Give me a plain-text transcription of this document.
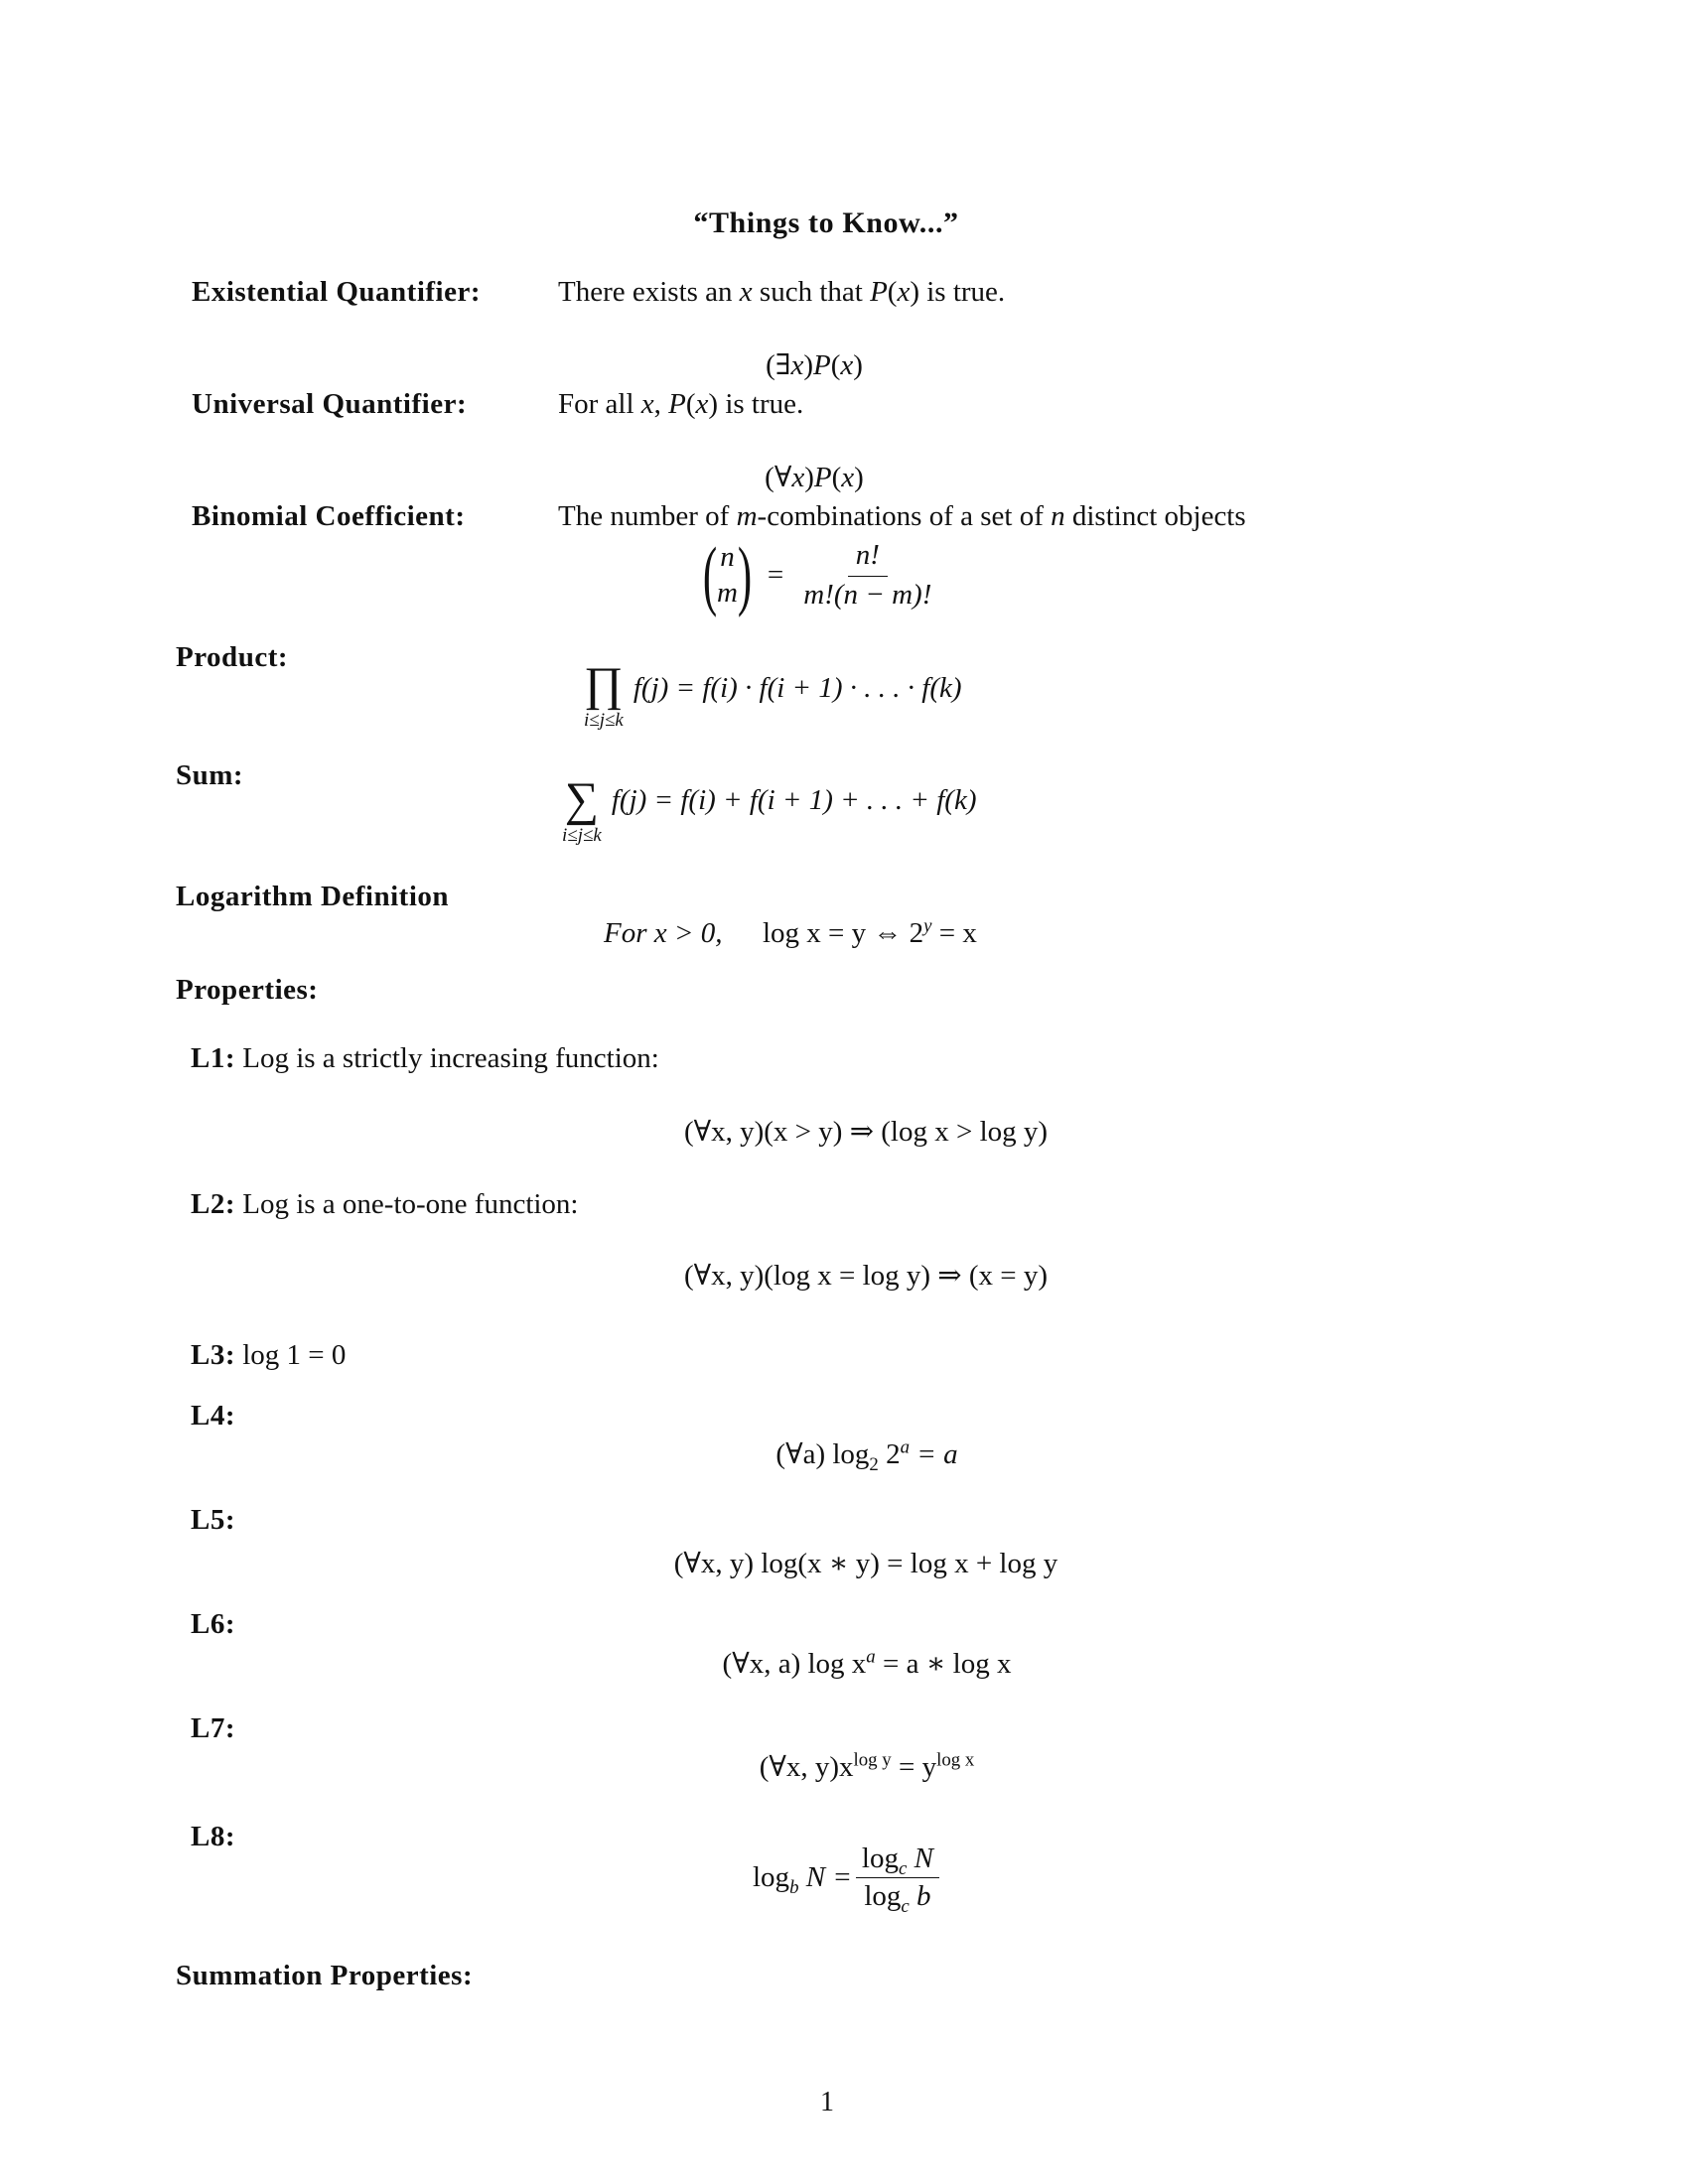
“Things to Know...”
Existential Quantifier:	There exists an x such that P(x) is true.
(∃x)P(x)
Universal Quantifier:	For all x, P(x) is true.
(∀x)P(x)
Binomial Coefficient:	The number of m-combinations of a set of n distinct objects
( n
m ) = $\frac{n!}{m!(n - m)!}$
Product:
∏
i≤j≤k
f(j) = f(i) · f(i + 1) · . . . · f(k)
Sum:	∑
i≤j≤k
f(j) = f(i) + f(i + 1) + . . . + f(k)
Logarithm Definition
For x > 0, log x = y ⇔ $2^y = x$
Properties:
L1: Log is a strictly increasing function:
(∀x, y)(x > y) ⇒ (log x > log y)
L2: Log is a one-to-one function:
(∀x, y)(log x = log y) ⇒ (x = y)
L3: log 1 = 0
L4:
(∀a) $\log_2 2^a = a$
L5:
(∀x, y) log(x ∗ y) = log x + log y
L6:
(∀x, a) $\log x^a = a$ ∗ log x
L7:
(∀x, $y)x^{log y} = y^{log x}$
L8:
$\log_b N = \frac{\log_c N}{\log_c b}$
Summation Properties:
1
